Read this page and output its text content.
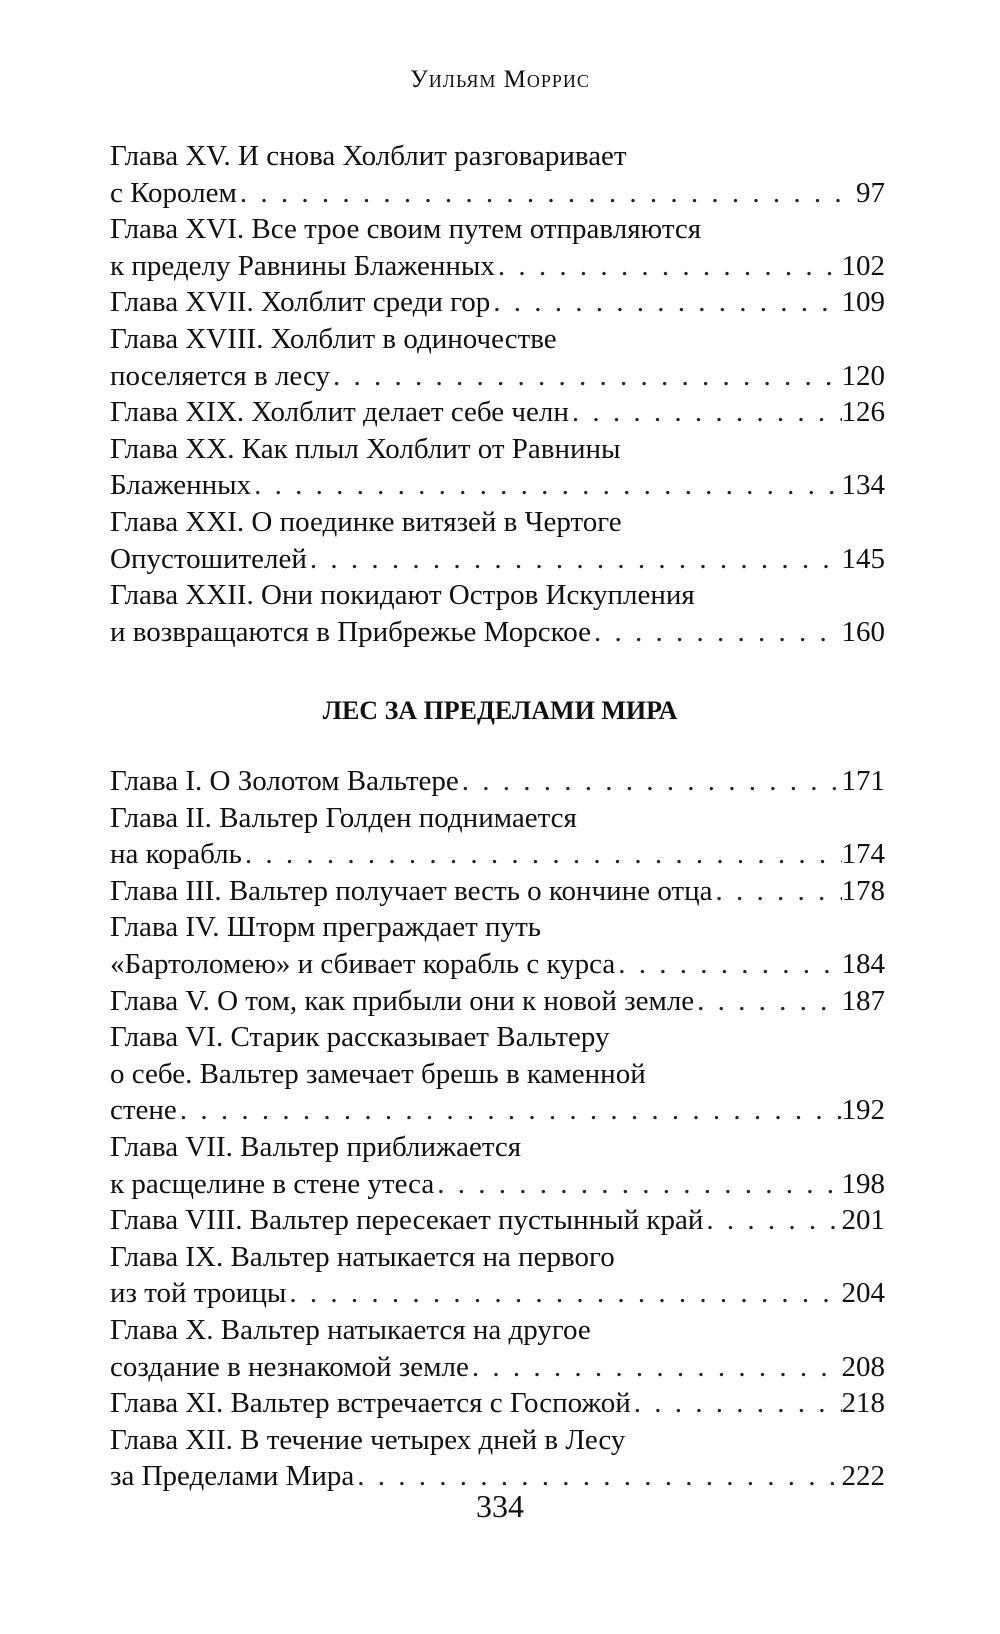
Уильям Моррис
Глава XV. И снова Холблит разговаривает
с Королем . . .	97
Глава XVI. Все трое своим путем отправляются
к пределу Равнины Блаженных . . .	102
Глава XVII. Холблит среди гор . . .	109
Глава XVIII. Холблит в одиночестве
поселяется в лесу . . .	120
Глава XIX. Холблит делает себе челн . . .	126
Глава XX. Как плыл Холблит от Равнины
Блаженных . . .	134
Глава XXI. О поединке витязей в Чертоге
Опустошителей . . .	145
Глава XXII. Они покидают Остров Искупления
и возвращаются в Прибрежье Морское . . .	160
ЛЕС ЗА ПРЕДЕЛАМИ МИРА
Глава I. О Золотом Вальтере . . .	171
Глава II. Вальтер Голден поднимается
на корабль . . .	174
Глава III. Вальтер получает весть о кончине отца . . .	178
Глава IV. Шторм преграждает путь
«Бартоломею» и сбивает корабль с курса . . .	184
Глава V. О том, как прибыли они к новой земле . . .	187
Глава VI. Старик рассказывает Вальтеру
о себе. Вальтер замечает брешь в каменной
стене . . .	192
Глава VII. Вальтер приближается
к расщелине в стене утеса . . .	198
Глава VIII. Вальтер пересекает пустынный край . . .	201
Глава IX. Вальтер натыкается на первого
из той троицы . . .	204
Глава X. Вальтер натыкается на другое
создание в незнакомой земле . . .	208
Глава XI. Вальтер встречается с Госпожой . . .	218
Глава XII. В течение четырех дней в Лесу
за Пределами Мира . . .	222
334
